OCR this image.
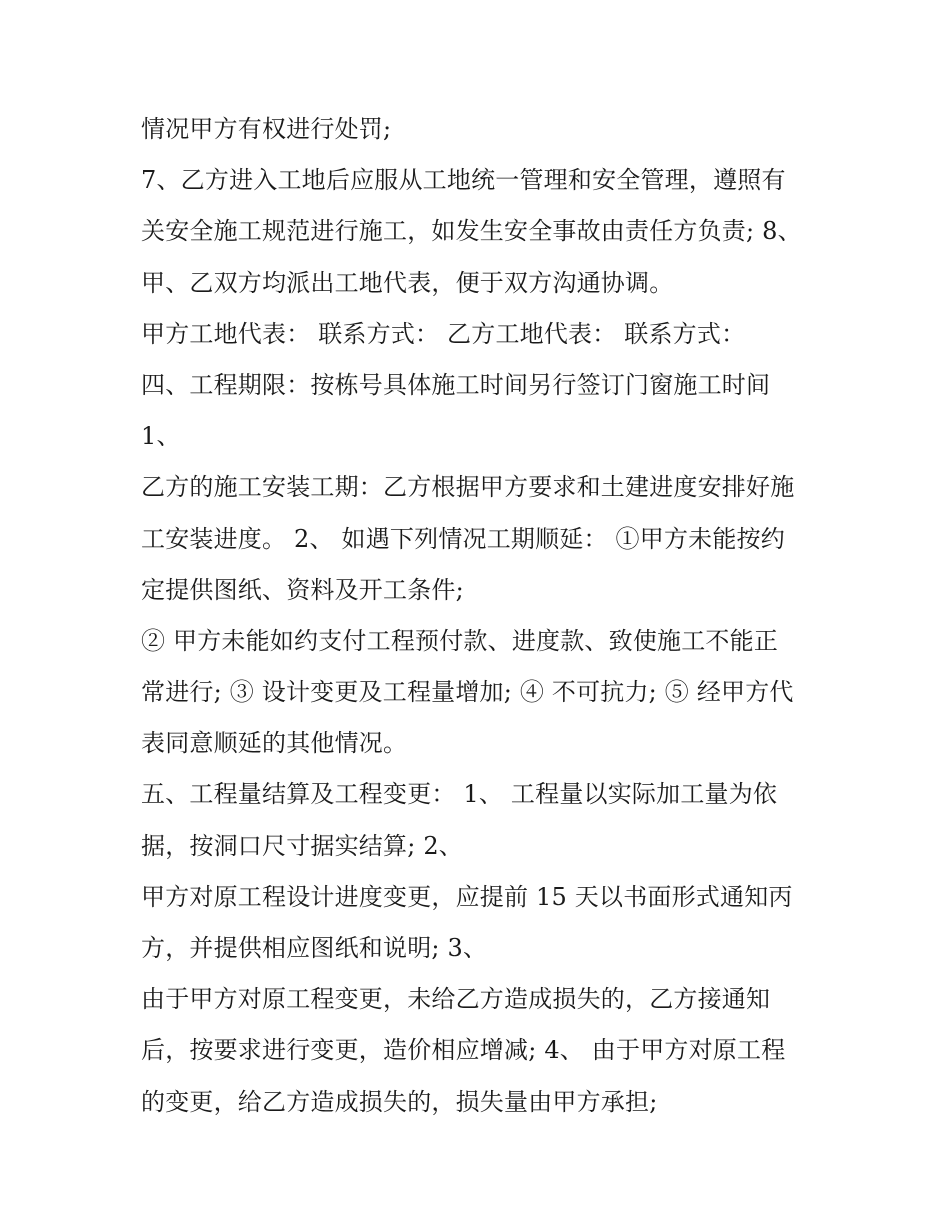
情况甲方有权进行处罚;
7、乙方进入工地后应服从工地统一管理和安全管理，遵照有
关安全施工规范进行施工，如发生安全事故由责任方负责; 8、
甲、乙双方均派出工地代表，便于双方沟通协调。
甲方工地代表： 联系方式： 乙方工地代表： 联系方式：
四、工程期限：按栋号具体施工时间另行签订门窗施工时间
1、
乙方的施工安装工期：乙方根据甲方要求和土建进度安排好施
工安装进度。 2、 如遇下列情况工期顺延： ①甲方未能按约
定提供图纸、资料及开工条件;
② 甲方未能如约支付工程预付款、进度款、致使施工不能正
常进行; ③ 设计变更及工程量增加; ④ 不可抗力; ⑤ 经甲方代
表同意顺延的其他情况。
五、工程量结算及工程变更： 1、 工程量以实际加工量为依
据，按洞口尺寸据实结算; 2、
甲方对原工程设计进度变更，应提前 15 天以书面形式通知丙
方，并提供相应图纸和说明; 3、
由于甲方对原工程变更，未给乙方造成损失的，乙方接通知
后，按要求进行变更，造价相应增减; 4、 由于甲方对原工程
的变更，给乙方造成损失的，损失量由甲方承担;
